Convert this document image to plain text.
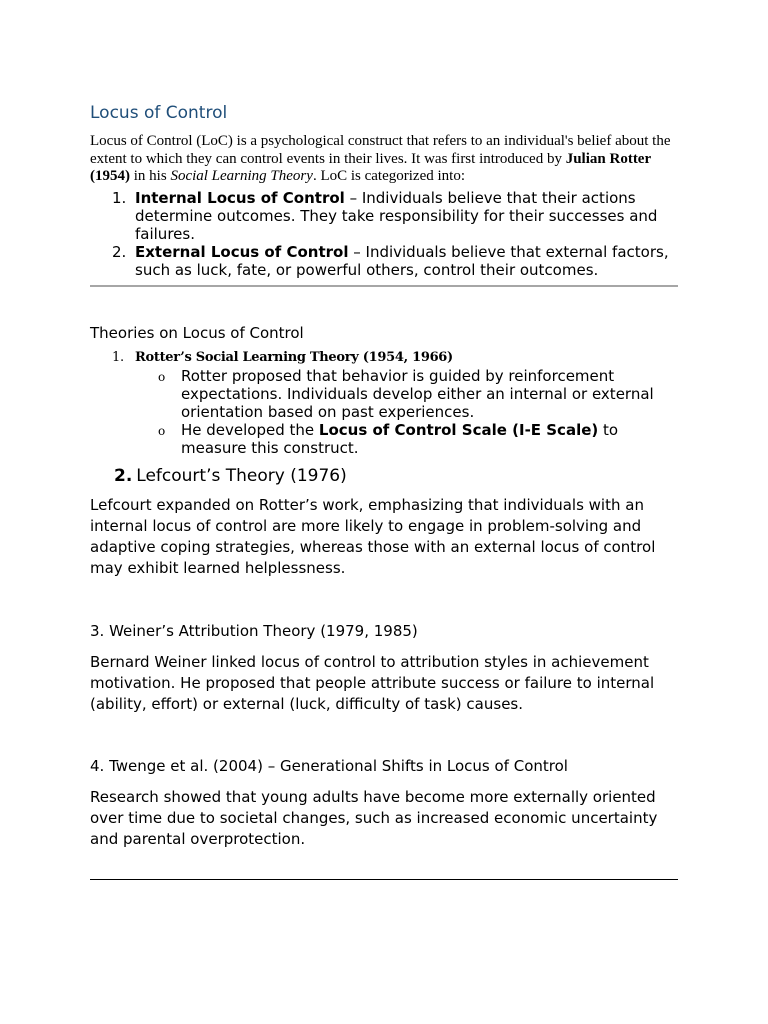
Locus of Control

Locus of Control (LoC) is a psychological construct that refers to an individual's belief about the extent to which they can control events in their lives. It was first introduced by Julian Rotter (1954) in his Social Learning Theory. LoC is categorized into:

1. Internal Locus of Control – Individuals believe that their actions determine outcomes. They take responsibility for their successes and failures.
2. External Locus of Control – Individuals believe that external factors, such as luck, fate, or powerful others, control their outcomes.
Theories on Locus of Control
1. Rotter’s Social Learning Theory (1954, 1966)
o Rotter proposed that behavior is guided by reinforcement expectations. Individuals develop either an internal or external orientation based on past experiences.
o He developed the Locus of Control Scale (I-E Scale) to measure this construct.
2. Lefcourt’s Theory (1976)

Lefcourt expanded on Rotter’s work, emphasizing that individuals with an internal locus of control are more likely to engage in problem-solving and adaptive coping strategies, whereas those with an external locus of control may exhibit learned helplessness.

3. Weiner’s Attribution Theory (1979, 1985)

Bernard Weiner linked locus of control to attribution styles in achievement motivation. He proposed that people attribute success or failure to internal (ability, effort) or external (luck, difficulty of task) causes.

4. Twenge et al. (2004) – Generational Shifts in Locus of Control

Research showed that young adults have become more externally oriented over time due to societal changes, such as increased economic uncertainty and parental overprotection.
